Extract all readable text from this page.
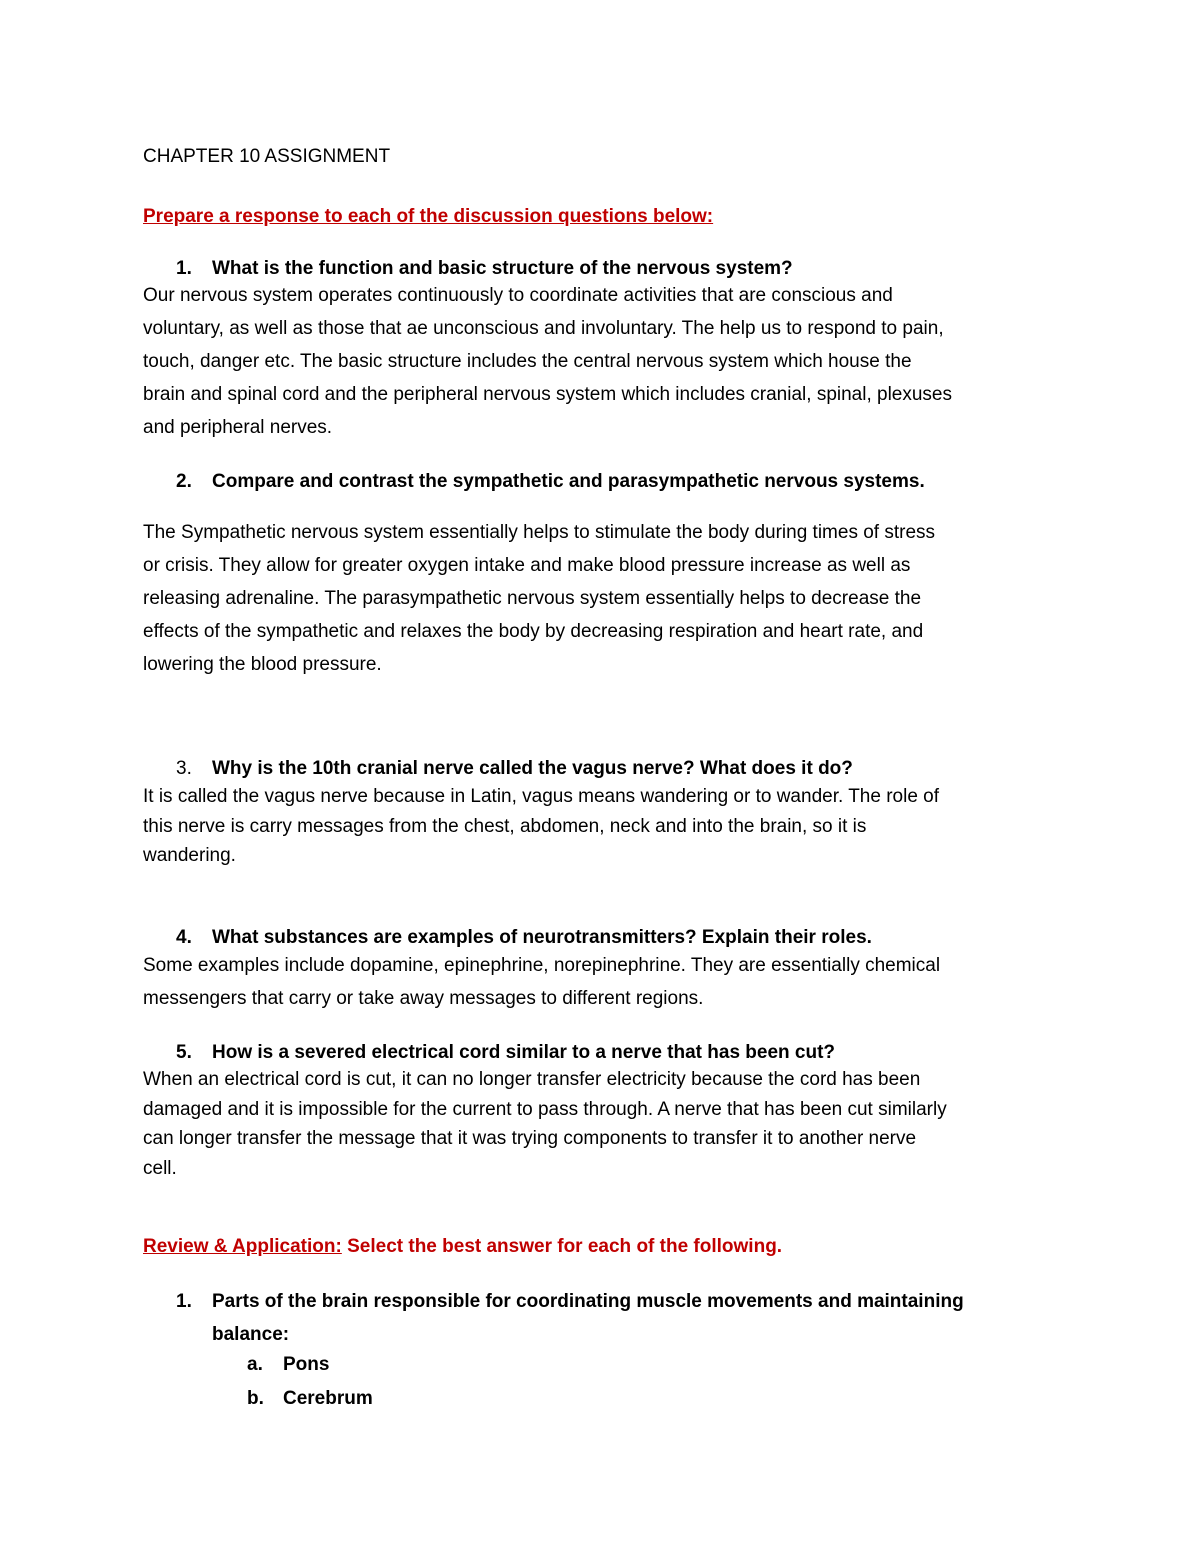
CHAPTER 10 ASSIGNMENT

Prepare a response to each of the discussion questions below:

1. What is the function and basic structure of the nervous system?

Our nervous system operates continuously to coordinate activities that are conscious and
voluntary, as well as those that ae unconscious and involuntary. The help us to respond to pain,
touch, danger etc. The basic structure includes the central nervous system which house the
brain and spinal cord and the peripheral nervous system which includes cranial, spinal, plexuses
and peripheral nerves.

2. Compare and contrast the sympathetic and parasympathetic nervous systems.

The Sympathetic nervous system essentially helps to stimulate the body during times of stress
or crisis. They allow for greater oxygen intake and make blood pressure increase as well as
releasing adrenaline. The parasympathetic nervous system essentially helps to decrease the
effects of the sympathetic and relaxes the body by decreasing respiration and heart rate, and
lowering the blood pressure.

3. Why is the 10th cranial nerve called the vagus nerve? What does it do?

It is called the vagus nerve because in Latin, vagus means wandering or to wander. The role of
this nerve is carry messages from the chest, abdomen, neck and into the brain, so it is
wandering.

4. What substances are examples of neurotransmitters? Explain their roles.

Some examples include dopamine, epinephrine, norepinephrine. They are essentially chemical
messengers that carry or take away messages to different regions.

5. How is a severed electrical cord similar to a nerve that has been cut?

When an electrical cord is cut, it can no longer transfer electricity because the cord has been
damaged and it is impossible for the current to pass through. A nerve that has been cut similarly
can longer transfer the message that it was trying components to transfer it to another nerve
cell.

Review & Application: Select the best answer for each of the following.

1. Parts of the brain responsible for coordinating muscle movements and maintaining
balance:

a. Pons

b. Cerebrum
